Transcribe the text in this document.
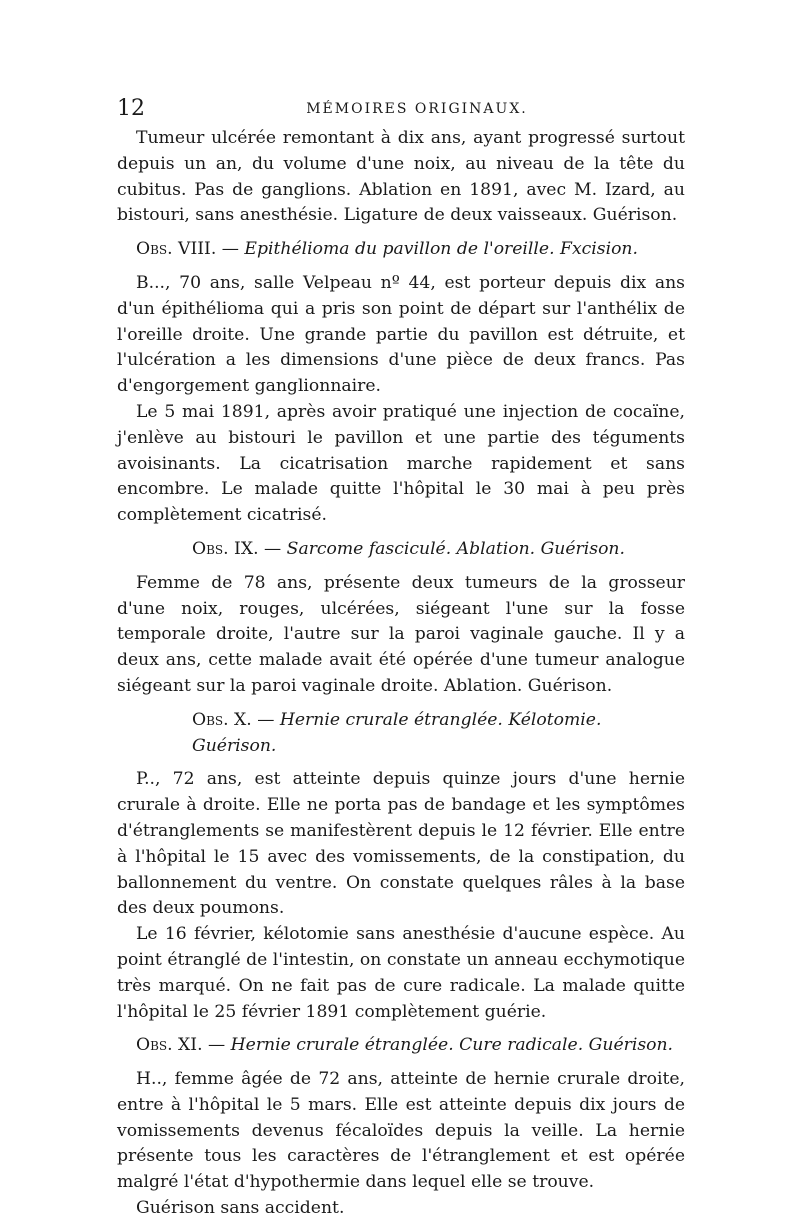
12	MÉMOIRES ORIGINAUX.

Tumeur ulcérée remontant à dix ans, ayant progressé surtout depuis un an, du volume d'une noix, au niveau de la tête du cubitus. Pas de ganglions. Ablation en 1891, avec M. Izard, au bistouri, sans anesthésie. Ligature de deux vaisseaux. Guérison.

Obs. VIII. — Epithélioma du pavillon de l'oreille. Fxcision.

B..., 70 ans, salle Velpeau nº 44, est porteur depuis dix ans d'un épithélioma qui a pris son point de départ sur l'anthélix de l'oreille droite. Une grande partie du pavillon est détruite, et l'ulcération a les dimensions d'une pièce de deux francs. Pas d'engorgement ganglionnaire.

Le 5 mai 1891, après avoir pratiqué une injection de cocaïne, j'enlève au bistouri le pavillon et une partie des téguments avoisinants. La cicatrisation marche rapidement et sans encombre. Le malade quitte l'hôpital le 30 mai à peu près complètement cicatrisé.

Obs. IX. — Sarcome fasciculé. Ablation. Guérison.

Femme de 78 ans, présente deux tumeurs de la grosseur d'une noix, rouges, ulcérées, siégeant l'une sur la fosse temporale droite, l'autre sur la paroi vaginale gauche. Il y a deux ans, cette malade avait été opérée d'une tumeur analogue siégeant sur la paroi vaginale droite. Ablation. Guérison.

Obs. X. — Hernie crurale étranglée. Kélotomie. Guérison.

P.., 72 ans, est atteinte depuis quinze jours d'une hernie crurale à droite. Elle ne porta pas de bandage et les symptômes d'étranglements se manifestèrent depuis le 12 février. Elle entre à l'hôpital le 15 avec des vomissements, de la constipation, du ballonnement du ventre. On constate quelques râles à la base des deux poumons.

Le 16 février, kélotomie sans anesthésie d'aucune espèce. Au point étranglé de l'intestin, on constate un anneau ecchymotique très marqué. On ne fait pas de cure radicale. La malade quitte l'hôpital le 25 février 1891 complètement guérie.

Obs. XI. — Hernie crurale étranglée. Cure radicale. Guérison.

H.., femme âgée de 72 ans, atteinte de hernie crurale droite, entre à l'hôpital le 5 mars. Elle est atteinte depuis dix jours de vomissements devenus fécaloïdes depuis la veille. La hernie présente tous les caractères de l'étranglement et est opérée malgré l'état d'hypothermie dans lequel elle se trouve.

Guérison sans accident.
